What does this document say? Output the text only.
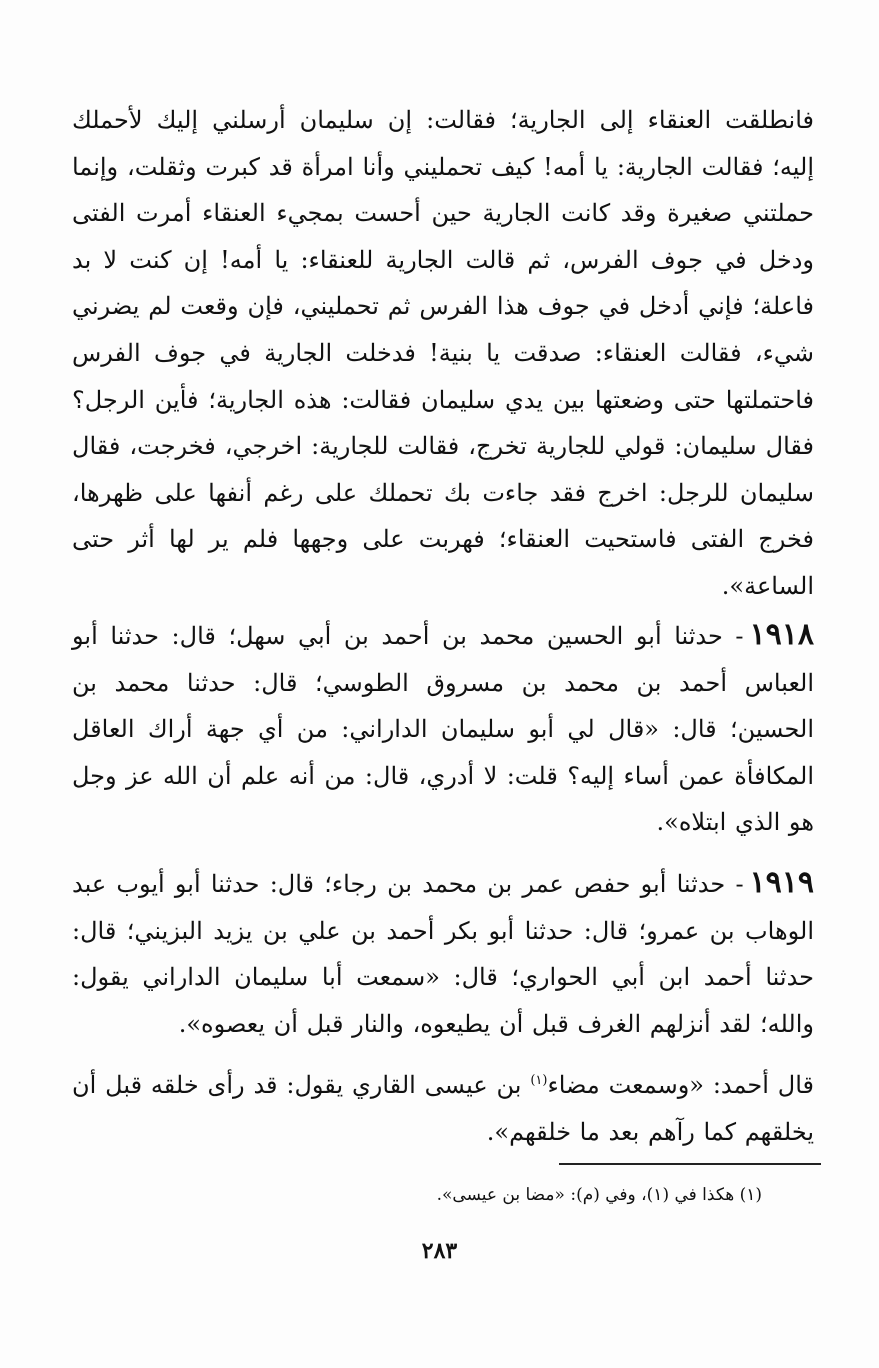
فانطلقت العنقاء إلى الجارية؛ فقالت: إن سليمان أرسلني إليك لأحملك إليه؛ فقالت الجارية: يا أمه! كيف تحمليني وأنا امرأة قد كبرت وثقلت، وإنما حملتني صغيرة وقد كانت الجارية حين أحست بمجيء العنقاء أمرت الفتى ودخل في جوف الفرس، ثم قالت الجارية للعنقاء: يا أمه! إن كنت لا بد فاعلة؛ فإني أدخل في جوف هذا الفرس ثم تحمليني، فإن وقعت لم يضرني شيء، فقالت العنقاء: صدقت يا بنية! فدخلت الجارية في جوف الفرس فاحتملتها حتى وضعتها بين يدي سليمان فقالت: هذه الجارية؛ فأين الرجل؟ فقال سليمان: قولي للجارية تخرج، فقالت للجارية: اخرجي، فخرجت، فقال سليمان للرجل: اخرج فقد جاءت بك تحملك على رغم أنفها على ظهرها، فخرج الفتى فاستحيت العنقاء؛ فهربت على وجهها فلم ير لها أثر حتى الساعة».

١٩١٨- حدثنا أبو الحسين محمد بن أحمد بن أبي سهل؛ قال: حدثنا أبو العباس أحمد بن محمد بن مسروق الطوسي؛ قال: حدثنا محمد بن الحسين؛ قال: «قال لي أبو سليمان الداراني: من أي جهة أراك العاقل المكافأة عمن أساء إليه؟ قلت: لا أدري، قال: من أنه علم أن الله عز وجل هو الذي ابتلاه».

١٩١٩- حدثنا أبو حفص عمر بن محمد بن رجاء؛ قال: حدثنا أبو أيوب عبد الوهاب بن عمرو؛ قال: حدثنا أبو بكر أحمد بن علي بن يزيد البزيني؛ قال: حدثنا أحمد ابن أبي الحواري؛ قال: «سمعت أبا سليمان الداراني يقول: والله؛ لقد أنزلهم الغرف قبل أن يطيعوه، والنار قبل أن يعصوه».

قال أحمد: «وسمعت مضاء$^{(١)}$ بن عيسى القاري يقول: قد رأى خلقه قبل أن يخلقهم كما رآهم بعد ما خلقهم».

(١) هكذا في (١)، وفي (م): «مضا بن عيسى».
٢٨٣
